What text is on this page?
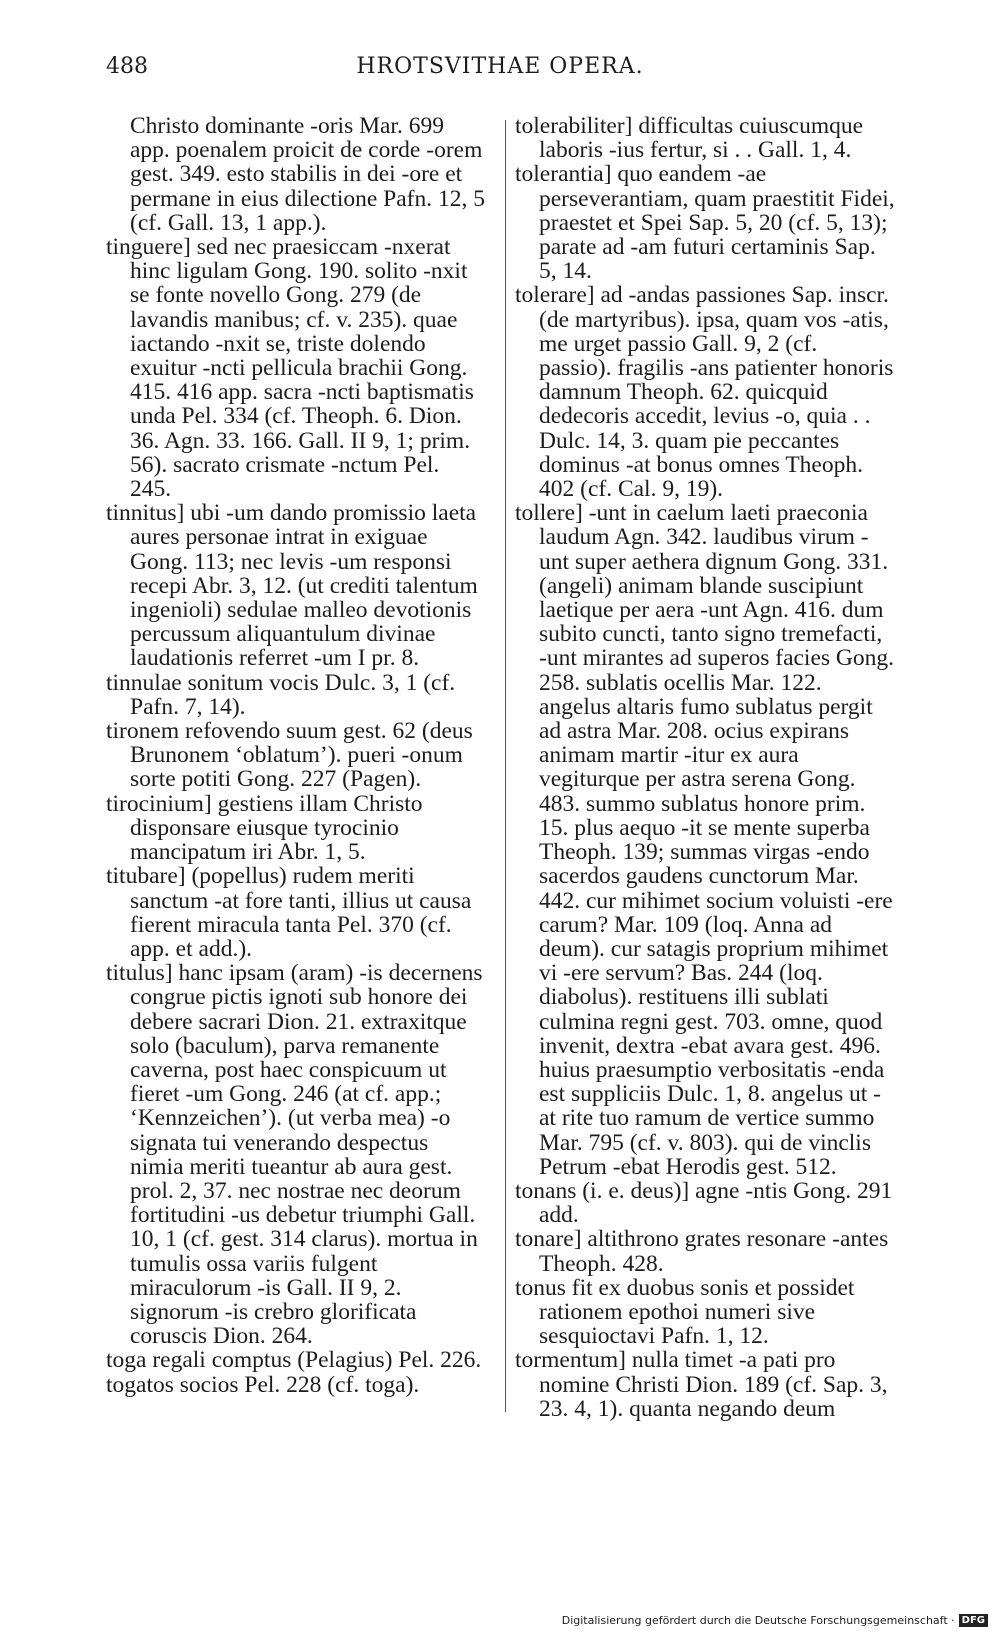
488	HROTSVITHAE OPERA.

Christo dominante -oris Mar. 699 app. poenalem proicit de corde -orem gest. 349. esto stabilis in dei -ore et permane in eius dilectione Pafn. 12, 5 (cf. Gall. 13, 1 app.).

tinguere] sed nec praesiccam -nxerat hinc ligulam Gong. 190. solito -nxit se fonte novello Gong. 279 (de lavandis manibus; cf. v. 235). quae iactando -nxit se, triste dolendo exuitur -ncti pellicula brachii Gong. 415. 416 app. sacra -ncti baptismatis unda Pel. 334 (cf. Theoph. 6. Dion. 36. Agn. 33. 166. Gall. II 9, 1; prim. 56). sacrato crismate -nctum Pel. 245.

tinnitus] ubi -um dando promissio laeta aures personae intrat in exiguae Gong. 113; nec levis -um responsi recepi Abr. 3, 12. (ut crediti talentum ingenioli) sedulae malleo devotionis percussum aliquantulum divinae laudationis referret -um I pr. 8.

tinnulae sonitum vocis Dulc. 3, 1 (cf. Pafn. 7, 14).

tironem refovendo suum gest. 62 (deus Brunonem ‘oblatum’). pueri -onum sorte potiti Gong. 227 (Pagen).

tirocinium] gestiens illam Christo disponsare eiusque tyrocinio mancipatum iri Abr. 1, 5.

titubare] (popellus) rudem meriti sanctum -at fore tanti, illius ut causa fierent miracula tanta Pel. 370 (cf. app. et add.).

titulus] hanc ipsam (aram) -is decernens congrue pictis ignoti sub honore dei debere sacrari Dion. 21. extraxitque solo (baculum), parva remanente caverna, post haec conspicuum ut fieret -um Gong. 246 (at cf. app.; ‘Kennzeichen’). (ut verba mea) -o signata tui venerando despectus nimia meriti tueantur ab aura gest. prol. 2, 37. nec nostrae nec deorum fortitudini -us debetur triumphi Gall. 10, 1 (cf. gest. 314 clarus). mortua in tumulis ossa variis fulgent miraculorum -is Gall. II 9, 2. signorum -is crebro glorificata coruscis Dion. 264.

toga regali comptus (Pelagius) Pel. 226.

togatos socios Pel. 228 (cf. toga).

tolerabiliter] difficultas cuiuscumque laboris -ius fertur, si . . Gall. 1, 4.

tolerantia] quo eandem -ae perseverantiam, quam praestitit Fidei, praestet et Spei Sap. 5, 20 (cf. 5, 13); parate ad -am futuri certaminis Sap. 5, 14.

tolerare] ad -andas passiones Sap. inscr. (de martyribus). ipsa, quam vos -atis, me urget passio Gall. 9, 2 (cf. passio). fragilis -ans patienter honoris damnum Theoph. 62. quicquid dedecoris accedit, levius -o, quia . . Dulc. 14, 3. quam pie peccantes dominus -at bonus omnes Theoph. 402 (cf. Cal. 9, 19).

tollere] -unt in caelum laeti praeconia laudum Agn. 342. laudibus virum -unt super aethera dignum Gong. 331. (angeli) animam blande suscipiunt laetique per aera -unt Agn. 416. dum subito cuncti, tanto signo tremefacti, -unt mirantes ad superos facies Gong. 258. sublatis ocellis Mar. 122. angelus altaris fumo sublatus pergit ad astra Mar. 208. ocius expirans animam martir -itur ex aura vegiturque per astra serena Gong. 483. summo sublatus honore prim. 15. plus aequo -it se mente superba Theoph. 139; summas virgas -endo sacerdos gaudens cunctorum Mar. 442. cur mihimet socium voluisti -ere carum? Mar. 109 (loq. Anna ad deum). cur satagis proprium mihimet vi -ere servum? Bas. 244 (loq. diabolus). restituens illi sublati culmina regni gest. 703. omne, quod invenit, dextra -ebat avara gest. 496. huius praesumptio verbositatis -enda est suppliciis Dulc. 1, 8. angelus ut -at rite tuo ramum de vertice summo Mar. 795 (cf. v. 803). qui de vinclis Petrum -ebat Herodis gest. 512.

tonans (i. e. deus)] agne -ntis Gong. 291 add.

tonare] altithrono grates resonare -antes Theoph. 428.

tonus fit ex duobus sonis et possidet rationem epothoi numeri sive sesquioctavi Pafn. 1, 12.

tormentum] nulla timet -a pati pro nomine Christi Dion. 189 (cf. Sap. 3, 23. 4, 1). quanta negando deum

Digitalisierung gefördert durch die Deutsche Forschungsgemeinschaft · DFG
